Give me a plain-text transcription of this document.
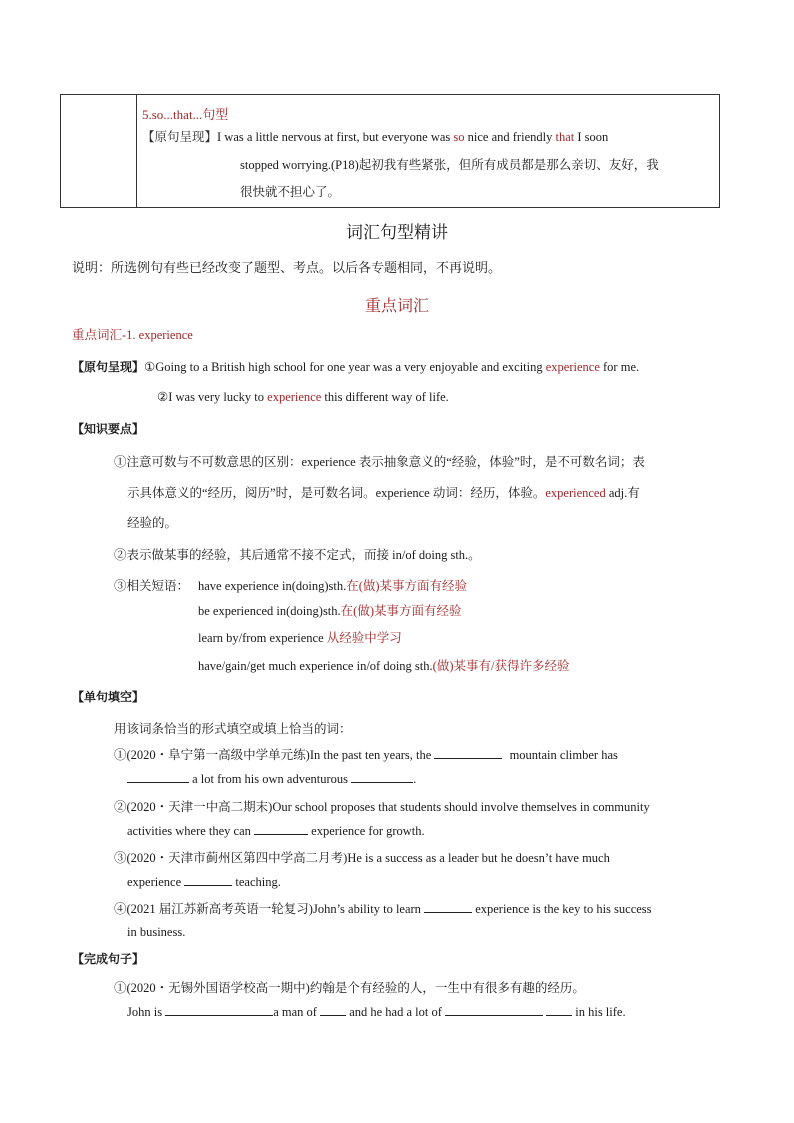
5.so...that...句型
【原句呈现】I was a little nervous at first, but everyone was so nice and friendly that I soon
stopped worrying.(P18)起初我有些紧张，但所有成员都是那么亲切、友好，我
很快就不担心了。
词汇句型精讲
说明：所选例句有些已经改变了题型、考点。以后各专题相同，不再说明。
重点词汇
重点词汇-1. experience
【原句呈现】①Going to a British high school for one year was a very enjoyable and exciting experience for me.
②I was very lucky to experience this different way of life.
【知识要点】
①注意可数与不可数意思的区别：experience 表示抽象意义的“经验，体验”时，是不可数名词；表
示具体意义的“经历，阅历”时，是可数名词。experience 动词：经历，体验。experienced adj.有
经验的。
②表示做某事的经验，其后通常不接不定式，而接 in/of doing sth.。
③相关短语： have experience in(doing)sth.在(做)某事方面有经验
be experienced in(doing)sth.在(做)某事方面有经验
learn by/from experience 从经验中学习
have/gain/get much experience in/of doing sth.(做)某事有/获得许多经验
【单句填空】
用该词条恰当的形式填空或填上恰当的词：
①(2020・阜宁第一高级中学单元练)In the past ten years, the	mountain climber has
a lot from his own adventurous	.
②(2020・天津一中高二期末)Our school proposes that students should involve themselves in community
activities where they can	experience for growth.
③(2020・天津市蓟州区第四中学高二月考)He is a success as a leader but he doesn’t have much
experience	teaching.
④(2021 届江苏新高考英语一轮复习)John’s ability to learn	experience is the key to his success
in business.
【完成句子】
①(2020・无锡外国语学校高一期中)约翰是个有经验的人，一生中有很多有趣的经历。
John is	a man of	and he had a lot of	in his life.
